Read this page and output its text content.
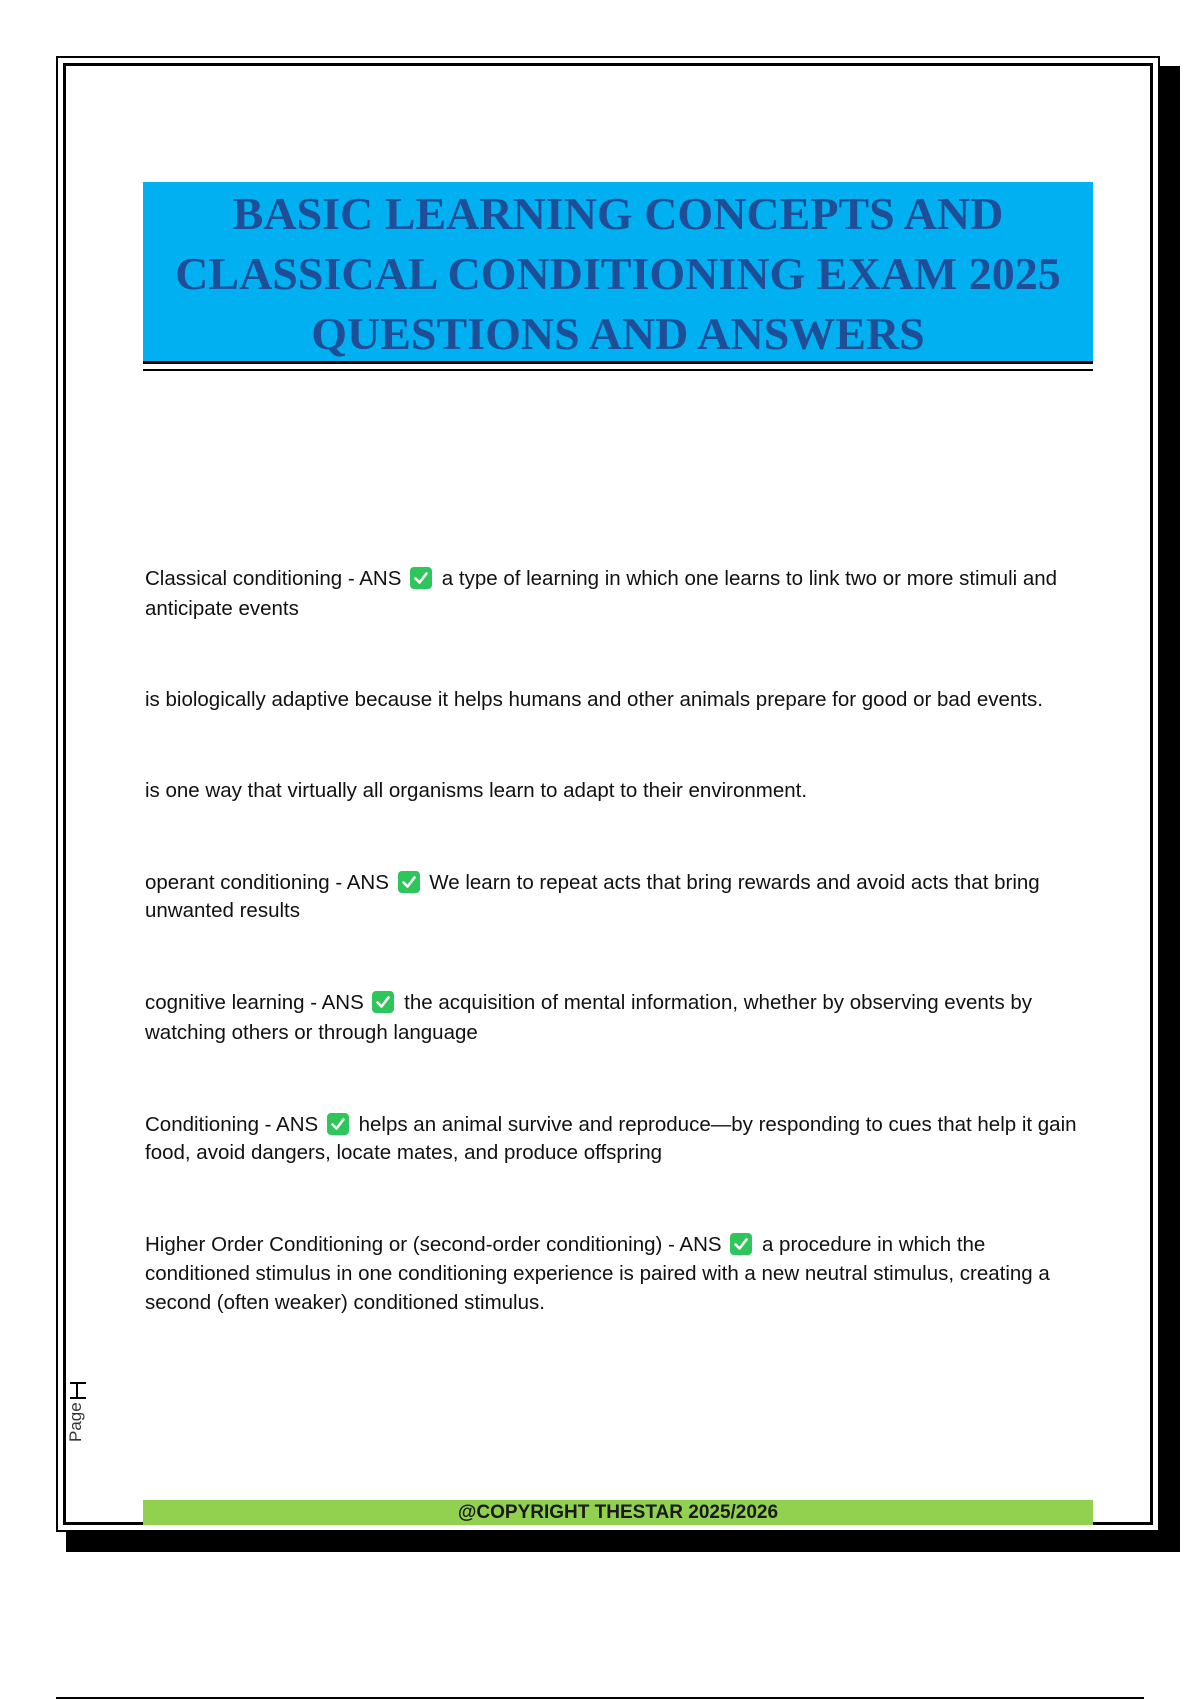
BASIC LEARNING CONCEPTS AND
CLASSICAL CONDITIONING EXAM 2025
QUESTIONS AND ANSWERS

Classical conditioning - ANS
a type of learning in which one learns to link two or more stimuli and anticipate events

is biologically adaptive because it helps humans and other animals prepare for good or bad events.

is one way that virtually all organisms learn to adapt to their environment.

operant conditioning - ANS
We learn to repeat acts that bring rewards and avoid acts that bring unwanted results

cognitive learning - ANS
the acquisition of mental information, whether by observing events by watching others or through language

Conditioning - ANS
helps an animal survive and reproduce—by responding to cues that help it gain food, avoid dangers, locate mates, and produce offspring

Higher Order Conditioning or (second-order conditioning) - ANS
a procedure in which the conditioned stimulus in one conditioning experience is paired with a new neutral stimulus, creating a second (often weaker) conditioned stimulus.

Page
@COPYRIGHT THESTAR 2025/2026
